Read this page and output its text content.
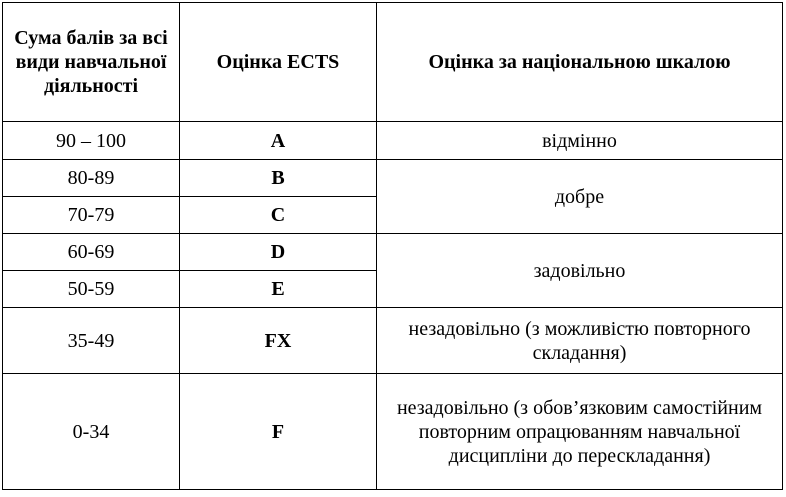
Сума балів за всі види навчальної діяльності	Оцінка ECTS	Оцінка за національною шкалою
90 – 100	A	відмінно
80-89	B	добре
70-79	C	
60-69	D	задовільно
50-59	E	
35-49	FX	незадовільно (з можливістю повторного складання)
0-34	F	незадовільно (з обов’язковим самостійним повторним опрацюванням навчальної дисципліни до перескладання)
